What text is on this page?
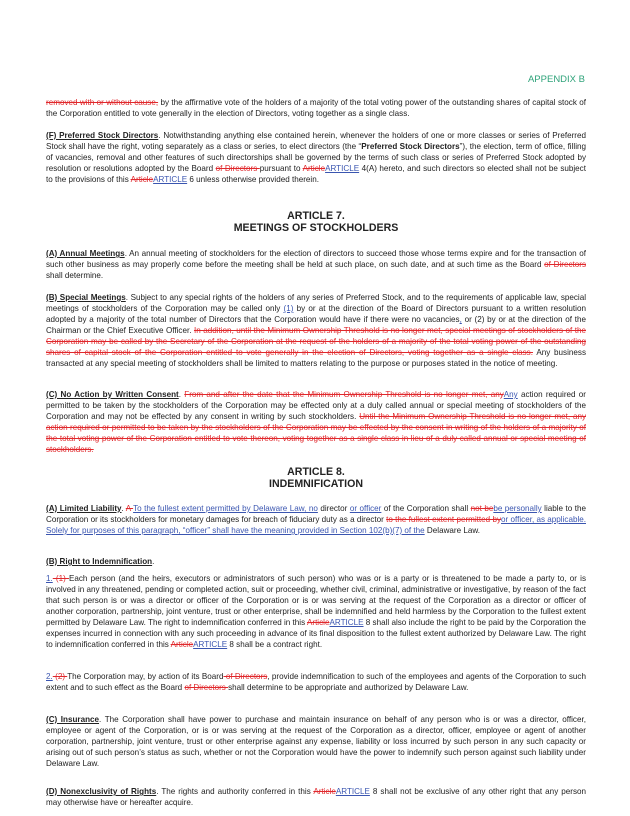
APPENDIX B

removed with or without cause, by the affirmative vote of the holders of a majority of the total voting power of the outstanding shares of capital stock of the Corporation entitled to vote generally in the election of Directors, voting together as a single class.

(F) Preferred Stock Directors. Notwithstanding anything else contained herein, whenever the holders of one or more classes or series of Preferred Stock shall have the right, voting separately as a class or series, to elect directors (the “Preferred Stock Directors”), the election, term of office, filling of vacancies, removal and other features of such directorships shall be governed by the terms of such class or series of Preferred Stock adopted by resolution or resolutions adopted by the Board of Directors pursuant to ArticleARTICLE 4(A) hereto, and such directors so elected shall not be subject to the provisions of this ArticleARTICLE 6 unless otherwise provided therein.

ARTICLE 7.

MEETINGS OF STOCKHOLDERS

(A) Annual Meetings. An annual meeting of stockholders for the election of directors to succeed those whose terms expire and for the transaction of such other business as may properly come before the meeting shall be held at such place, on such date, and at such time as the Board of Directors shall determine.

(B) Special Meetings. Subject to any special rights of the holders of any series of Preferred Stock, and to the requirements of applicable law, special meetings of stockholders of the Corporation may be called only (1) by or at the direction of the Board of Directors pursuant to a written resolution adopted by a majority of the total number of Directors that the Corporation would have if there were no vacancies, or (2) by or at the direction of the Chairman or the Chief Executive Officer. In addition, until the Minimum Ownership Threshold is no longer met, special meetings of stockholders of the Corporation may be called by the Secretary of the Corporation at the request of the holders of a majority of the total voting power of the outstanding shares of capital stock of the Corporation entitled to vote generally in the election of Directors, voting together as a single class. Any business transacted at any special meeting of stockholders shall be limited to matters relating to the purpose or purposes stated in the notice of meeting.

(C) No Action by Written Consent. From and after the date that the Minimum Ownership Threshold is no longer met, anyAny action required or permitted to be taken by the stockholders of the Corporation may be effected only at a duly called annual or special meeting of stockholders of the Corporation and may not be effected by any consent in writing by such stockholders. Until the Minimum Ownership Threshold is no longer met, any action required or permitted to be taken by the stockholders of the Corporation may be effected by the consent in writing of the holders of a majority of the total voting power of the Corporation entitled to vote thereon, voting together as a single class in lieu of a duly called annual or special meeting of stockholders.

ARTICLE 8.

INDEMNIFICATION

(A) Limited Liability. A To the fullest extent permitted by Delaware Law, no director or officer of the Corporation shall not bebe personally liable to the Corporation or its stockholders for monetary damages for breach of fiduciary duty as a director to the fullest extent permitted byor officer, as applicable. Solely for purposes of this paragraph, “officer” shall have the meaning provided in Section 102(b)(7) of the Delaware Law.

(B) Right to Indemnification.

1. (1) Each person (and the heirs, executors or administrators of such person) who was or is a party or is threatened to be made a party to, or is involved in any threatened, pending or completed action, suit or proceeding, whether civil, criminal, administrative or investigative, by reason of the fact that such person is or was a director or officer of the Corporation or is or was serving at the request of the Corporation as a director or officer of another corporation, partnership, joint venture, trust or other enterprise, shall be indemnified and held harmless by the Corporation to the fullest extent permitted by Delaware Law. The right to indemnification conferred in this ArticleARTICLE 8 shall also include the right to be paid by the Corporation the expenses incurred in connection with any such proceeding in advance of its final disposition to the fullest extent authorized by Delaware Law. The right to indemnification conferred in this ArticleARTICLE 8 shall be a contract right.

2. (2) The Corporation may, by action of its Board of Directors, provide indemnification to such of the employees and agents of the Corporation to such extent and to such effect as the Board of Directors shall determine to be appropriate and authorized by Delaware Law.

(C) Insurance. The Corporation shall have power to purchase and maintain insurance on behalf of any person who is or was a director, officer, employee or agent of the Corporation, or is or was serving at the request of the Corporation as a director, officer, employee or agent of another corporation, partnership, joint venture, trust or other enterprise against any expense, liability or loss incurred by such person in any such capacity or arising out of such person’s status as such, whether or not the Corporation would have the power to indemnify such person against such liability under Delaware Law.

(D) Nonexclusivity of Rights. The rights and authority conferred in this ArticleARTICLE 8 shall not be exclusive of any other right that any person may otherwise have or hereafter acquire.
